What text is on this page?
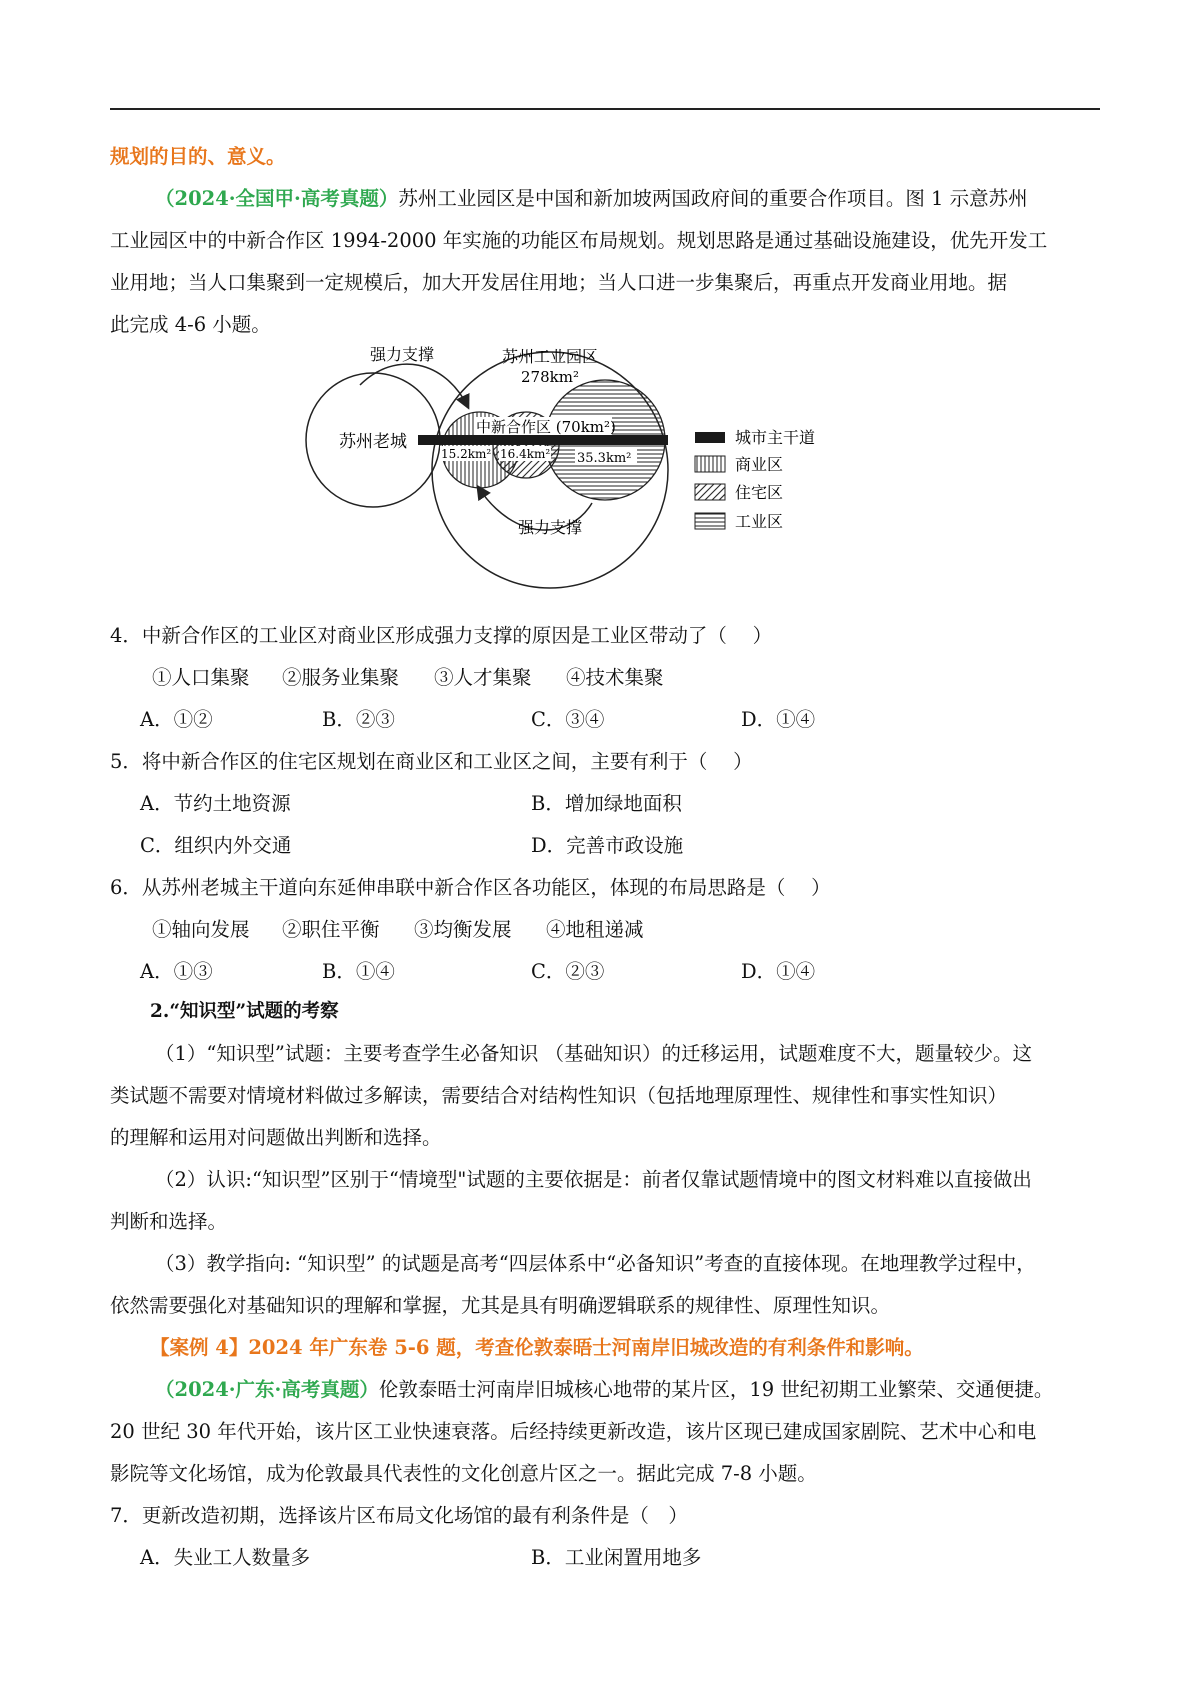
规划的目的、意义。
（2024·全国甲·高考真题）苏州工业园区是中国和新加坡两国政府间的重要合作项目。图 1 示意苏州
工业园区中的中新合作区 1994-2000 年实施的功能区布局规划。规划思路是通过基础设施建设，优先开发工
业用地；当人口集聚到一定规模后，加大开发居住用地；当人口进一步集聚后，再重点开发商业用地。据
此完成 4-6 小题。
苏州老城
苏州工业园区
278km²
中新合作区 (70km²)
15.2km² 16.4km² 35.3km²
强力支撑
强力支撑
城市主干道
商业区
住宅区
工业区
4．中新合作区的工业区对商业区形成强力支撑的原因是工业区带动了（　 ）
①人口集聚 ②服务业集聚 ③人才集聚 ④技术集聚
A．①②	B．②③	C．③④	D．①④
5．将中新合作区的住宅区规划在商业区和工业区之间，主要有利于（　 ）
A．节约土地资源	B．增加绿地面积
C．组织内外交通	D．完善市政设施
6．从苏州老城主干道向东延伸串联中新合作区各功能区，体现的布局思路是（　 ）
①轴向发展 ②职住平衡 ③均衡发展 ④地租递减
A．①③	B．①④	C．②③	D．①④
2.“知识型”试题的考察
（1）“知识型”试题：主要考查学生必备知识 （基础知识）的迁移运用，试题难度不大，题量较少。这
类试题不需要对情境材料做过多解读，需要结合对结构性知识（包括地理原理性、规律性和事实性知识）
的理解和运用对问题做出判断和选择。
（2）认识:“知识型”区别于“情境型"试题的主要依据是：前者仅靠试题情境中的图文材料难以直接做出
判断和选择。
（3）教学指向: “知识型” 的试题是高考“四层体系中“必备知识”考查的直接体现。在地理教学过程中，
依然需要强化对基础知识的理解和掌握，尤其是具有明确逻辑联系的规律性、原理性知识。
【案例 4】2024 年广东卷 5-6 题，考查伦敦泰晤士河南岸旧城改造的有利条件和影响。
（2024·广东·高考真题）伦敦泰晤士河南岸旧城核心地带的某片区，19 世纪初期工业繁荣、交通便捷。
20 世纪 30 年代开始，该片区工业快速衰落。后经持续更新改造，该片区现已建成国家剧院、艺术中心和电
影院等文化场馆，成为伦敦最具代表性的文化创意片区之一。据此完成 7-8 小题。
7．更新改造初期，选择该片区布局文化场馆的最有利条件是（　）
A．失业工人数量多	B．工业闲置用地多
